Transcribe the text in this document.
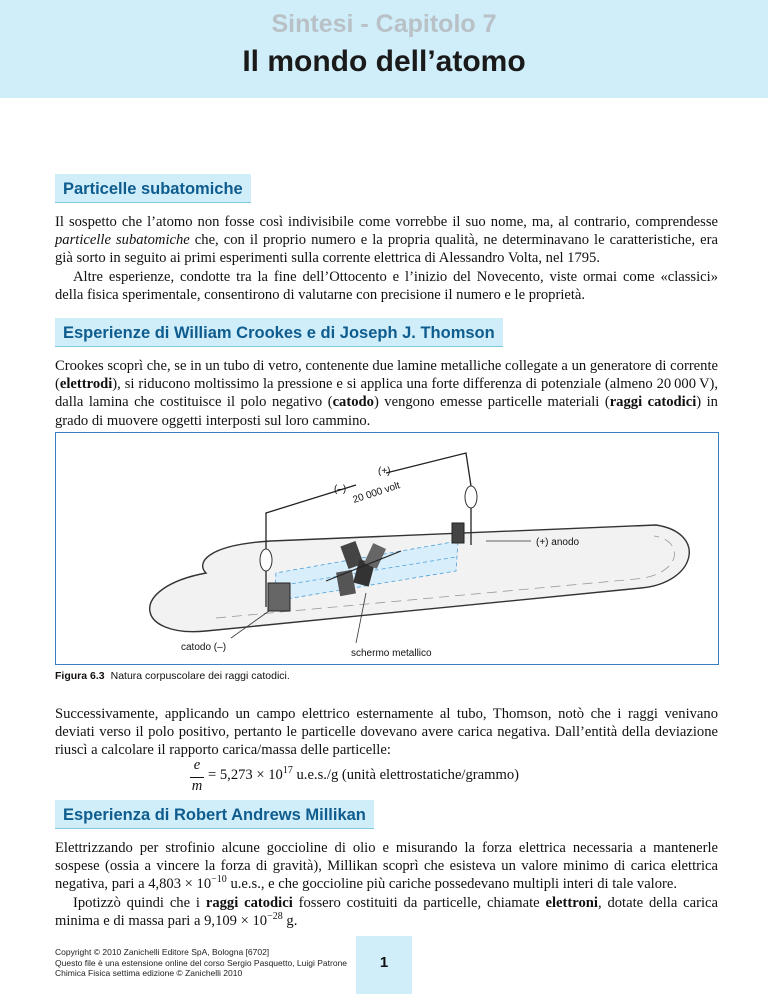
Sintesi - Capitolo 7
Il mondo dell’atomo
Particelle subatomiche

Il sospetto che l’atomo non fosse così indivisibile come vorrebbe il suo nome, ma, al contrario, comprendesse particelle subatomiche che, con il proprio numero e la propria qualità, ne determinavano le caratteristiche, era già sorto in seguito ai primi esperimenti sulla corrente elettrica di Alessandro Volta, nel 1795.

Altre esperienze, condotte tra la fine dell’Ottocento e l’inizio del Novecento, viste ormai come «classici» della fisica sperimentale, consentirono di valutarne con precisione il numero e le proprietà.

Esperienze di William Crookes e di Joseph J. Thomson

Crookes scoprì che, se in un tubo di vetro, contenente due lamine metalliche collegate a un generatore di corrente (elettrodi), si riducono moltissimo la pressione e si applica una forte differenza di potenziale (almeno 20 000 V), dalla lamina che costituisce il polo negativo (catodo) vengono emesse particelle materiali (raggi catodici) in grado di muovere oggetti interposti sul loro cammino.

(–)
(+)
20 000 volt
(+) anodo
catodo (–)
schermo metallico
Figura 6.3 Natura corpuscolare dei raggi catodici.

Successivamente, applicando un campo elettrico esternamente al tubo, Thomson, notò che i raggi venivano deviati verso il polo positivo, pertanto le particelle dovevano avere carica negativa. Dall’entità della deviazione riuscì a calcolare il rapporto carica/massa delle particelle:

e
m
= $5,273 \times 10^{17}$ u.e.s./g (unità elettrostatiche/grammo)
Esperienza di Robert Andrews Millikan

Elettrizzando per strofinio alcune goccioline di olio e misurando la forza elettrica necessaria a mantenerle sospese (ossia a vincere la forza di gravità), Millikan scoprì che esisteva un valore minimo di carica elettrica negativa, pari a $4,803 \times 10^{-10}$ u.e.s., e che goccioline più cariche possedevano multipli interi di tale valore.

Ipotizzò quindi che i raggi catodici fossero costituiti da particelle, chiamate elettroni, dotate della carica minima e di massa pari a $9,109 \times 10^{-28}$ g.

Copyright © 2010 Zanichelli Editore SpA, Bologna [6702]
Questo file è una estensione online del corso Sergio Pasquetto, Luigi Patrone
Chimica Fisica settima edizione © Zanichelli 2010
1
